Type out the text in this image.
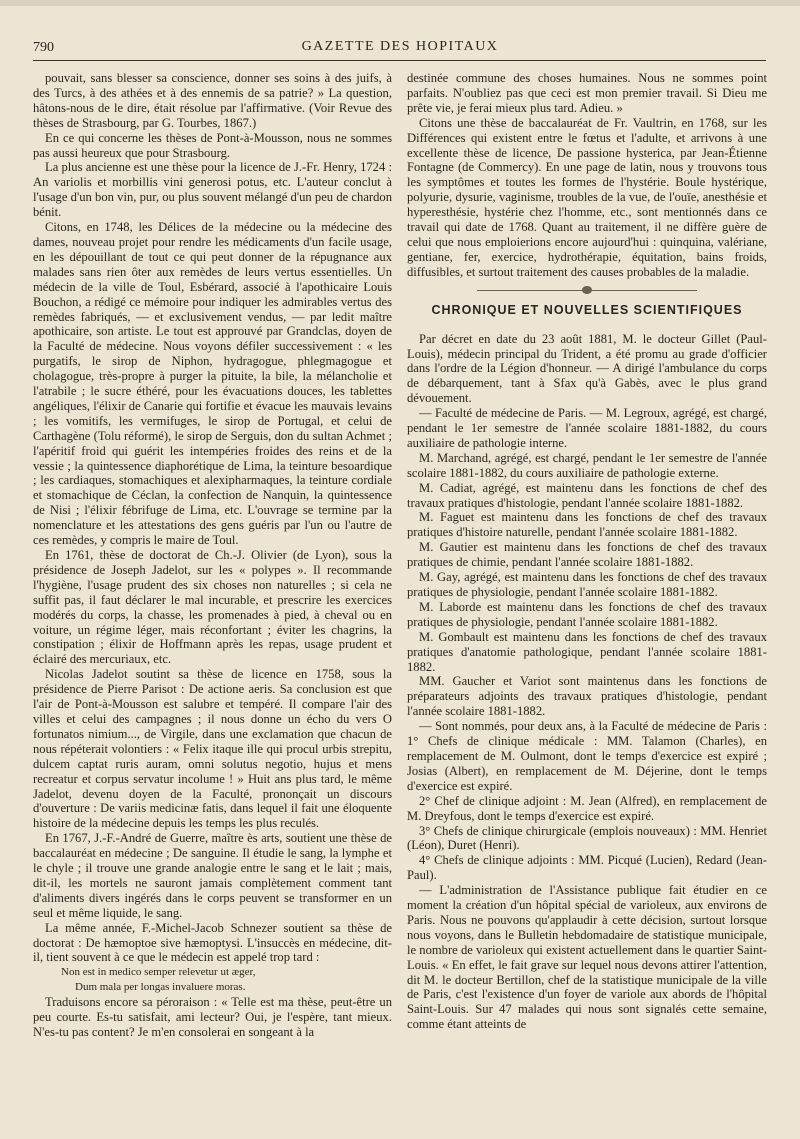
790	GAZETTE DES HOPITAUX

pouvait, sans blesser sa conscience, donner ses soins à des juifs, à des Turcs, à des athées et à des ennemis de sa patrie? » La question, hâtons-nous de le dire, était résolue par l'affirmative. (Voir Revue des thèses de Strasbourg, par G. Tourbes, 1867.)

En ce qui concerne les thèses de Pont-à-Mousson, nous ne sommes pas aussi heureux que pour Strasbourg.

La plus ancienne est une thèse pour la licence de J.-Fr. Henry, 1724 : An variolis et morbillis vini generosi potus, etc. L'auteur conclut à l'usage d'un bon vin, pur, ou plus souvent mélangé d'un peu de chardon bénit.

Citons, en 1748, les Délices de la médecine ou la médecine des dames, nouveau projet pour rendre les médicaments d'un facile usage, en les dépouillant de tout ce qui peut donner de la répugnance aux malades sans rien ôter aux remèdes de leurs vertus essentielles. Un médecin de la ville de Toul, Esbérard, associé à l'apothicaire Louis Bouchon, a rédigé ce mémoire pour indiquer les admirables vertus des remèdes fabriqués, — et exclusivement vendus, — par ledit maître apothicaire, son artiste. Le tout est approuvé par Grandclas, doyen de la Faculté de médecine. Nous voyons défiler successivement : « les purgatifs, le sirop de Niphon, hydragogue, phlegmagogue et cholagogue, très-propre à purger la pituite, la bile, la mélancholie et l'atrabile ; le sucre éthéré, pour les évacuations douces, les tablettes angéliques, l'élixir de Canarie qui fortifie et évacue les mauvais levains ; les vomitifs, les vermifuges, le sirop de Portugal, et celui de Carthagène (Tolu réformé), le sirop de Serguis, don du sultan Achmet ; l'apéritif froid qui guérit les intempéries froides des reins et de la vessie ; la quintessence diaphorétique de Lima, la teinture besoardique ; les cardiaques, stomachiques et alexipharmaques, la teinture cordiale et stomachique de Céclan, la confection de Nanquin, la quintessence de Nisi ; l'élixir fébrifuge de Lima, etc. L'ouvrage se termine par la nomenclature et les attestations des gens guéris par l'un ou l'autre de ces remèdes, y compris le maire de Toul.

En 1761, thèse de doctorat de Ch.-J. Olivier (de Lyon), sous la présidence de Joseph Jadelot, sur les « polypes ». Il recommande l'hygiène, l'usage prudent des six choses non naturelles ; si cela ne suffit pas, il faut déclarer le mal incurable, et prescrire les exercices modérés du corps, la chasse, les promenades à pied, à cheval ou en voiture, un régime léger, mais réconfortant ; éviter les chagrins, la constipation ; élixir de Hoffmann après les repas, usage prudent et éclairé des mercuriaux, etc.

Nicolas Jadelot soutint sa thèse de licence en 1758, sous la présidence de Pierre Parisot : De actione aeris. Sa conclusion est que l'air de Pont-à-Mousson est salubre et tempéré. Il compare l'air des villes et celui des campagnes ; il nous donne un écho du vers O fortunatos nimium..., de Virgile, dans une exclamation que chacun de nous répéterait volontiers : « Felix itaque ille qui procul urbis strepitu, dulcem captat ruris auram, omni solutus negotio, hujus et mens recreatur et corpus servatur incolume ! » Huit ans plus tard, le même Jadelot, devenu doyen de la Faculté, prononçait un discours d'ouverture : De variis medicinæ fatis, dans lequel il fait une éloquente histoire de la médecine depuis les temps les plus reculés.

En 1767, J.-F.-André de Guerre, maître ès arts, soutient une thèse de baccalauréat en médecine ; De sanguine. Il étudie le sang, la lymphe et le chyle ; il trouve une grande analogie entre le sang et le lait ; mais, dit-il, les mortels ne sauront jamais complètement comment tant d'aliments divers ingérés dans le corps peuvent se transformer en un seul et même liquide, le sang.

La même année, F.-Michel-Jacob Schnezer soutient sa thèse de doctorat : De hæmoptoe sive hæmoptysi. L'insuccès en médecine, dit-il, tient souvent à ce que le médecin est appelé trop tard :

Non est in medico semper relevetur ut æger,

Dum mala per longas invaluere moras.

Traduisons encore sa péroraison : « Telle est ma thèse, peut-être un peu courte. Es-tu satisfait, ami lecteur? Oui, je l'espère, tant mieux. N'es-tu pas content? Je m'en consolerai en songeant à la

destinée commune des choses humaines. Nous ne sommes point parfaits. N'oubliez pas que ceci est mon premier travail. Si Dieu me prête vie, je ferai mieux plus tard. Adieu. »

Citons une thèse de baccalauréat de Fr. Vaultrin, en 1768, sur les Différences qui existent entre le fœtus et l'adulte, et arrivons à une excellente thèse de licence, De passione hysterica, par Jean-Étienne Fontagne (de Commercy). En une page de latin, nous y trouvons tous les symptômes et toutes les formes de l'hystérie. Boule hystérique, polyurie, dysurie, vaginisme, troubles de la vue, de l'ouïe, anesthésie et hyperesthésie, hystérie chez l'homme, etc., sont mentionnés dans ce travail qui date de 1768. Quant au traitement, il ne diffère guère de celui que nous emploierions encore aujourd'hui : quinquina, valériane, gentiane, fer, exercice, hydrothérapie, équitation, bains froids, diffusibles, et surtout traitement des causes probables de la maladie.

CHRONIQUE ET NOUVELLES SCIENTIFIQUES

Par décret en date du 23 août 1881, M. le docteur Gillet (Paul-Louis), médecin principal du Trident, a été promu au grade d'officier dans l'ordre de la Légion d'honneur. — A dirigé l'ambulance du corps de débarquement, tant à Sfax qu'à Gabès, avec le plus grand dévouement.

— Faculté de médecine de Paris. — M. Legroux, agrégé, est chargé, pendant le 1er semestre de l'année scolaire 1881-1882, du cours auxiliaire de pathologie interne.

M. Marchand, agrégé, est chargé, pendant le 1er semestre de l'année scolaire 1881-1882, du cours auxiliaire de pathologie externe.

M. Cadiat, agrégé, est maintenu dans les fonctions de chef des travaux pratiques d'histologie, pendant l'année scolaire 1881-1882.

M. Faguet est maintenu dans les fonctions de chef des travaux pratiques d'histoire naturelle, pendant l'année scolaire 1881-1882.

M. Gautier est maintenu dans les fonctions de chef des travaux pratiques de chimie, pendant l'année scolaire 1881-1882.

M. Gay, agrégé, est maintenu dans les fonctions de chef des travaux pratiques de physiologie, pendant l'année scolaire 1881-1882.

M. Laborde est maintenu dans les fonctions de chef des travaux pratiques de physiologie, pendant l'année scolaire 1881-1882.

M. Gombault est maintenu dans les fonctions de chef des travaux pratiques d'anatomie pathologique, pendant l'année scolaire 1881-1882.

MM. Gaucher et Variot sont maintenus dans les fonctions de préparateurs adjoints des travaux pratiques d'histologie, pendant l'année scolaire 1881-1882.

— Sont nommés, pour deux ans, à la Faculté de médecine de Paris : 1° Chefs de clinique médicale : MM. Talamon (Charles), en remplacement de M. Oulmont, dont le temps d'exercice est expiré ; Josias (Albert), en remplacement de M. Déjerine, dont le temps d'exercice est expiré.

2° Chef de clinique adjoint : M. Jean (Alfred), en remplacement de M. Dreyfous, dont le temps d'exercice est expiré.

3° Chefs de clinique chirurgicale (emplois nouveaux) : MM. Henriet (Léon), Duret (Henri).

4° Chefs de clinique adjoints : MM. Picqué (Lucien), Redard (Jean-Paul).

— L'administration de l'Assistance publique fait étudier en ce moment la création d'un hôpital spécial de varioleux, aux environs de Paris. Nous ne pouvons qu'applaudir à cette décision, surtout lorsque nous voyons, dans le Bulletin hebdomadaire de statistique municipale, le nombre de varioleux qui existent actuellement dans le quartier Saint-Louis. « En effet, le fait grave sur lequel nous devons attirer l'attention, dit M. le docteur Bertillon, chef de la statistique municipale de la ville de Paris, c'est l'existence d'un foyer de variole aux abords de l'hôpital Saint-Louis. Sur 47 malades qui nous sont signalés cette semaine, comme étant atteints de
